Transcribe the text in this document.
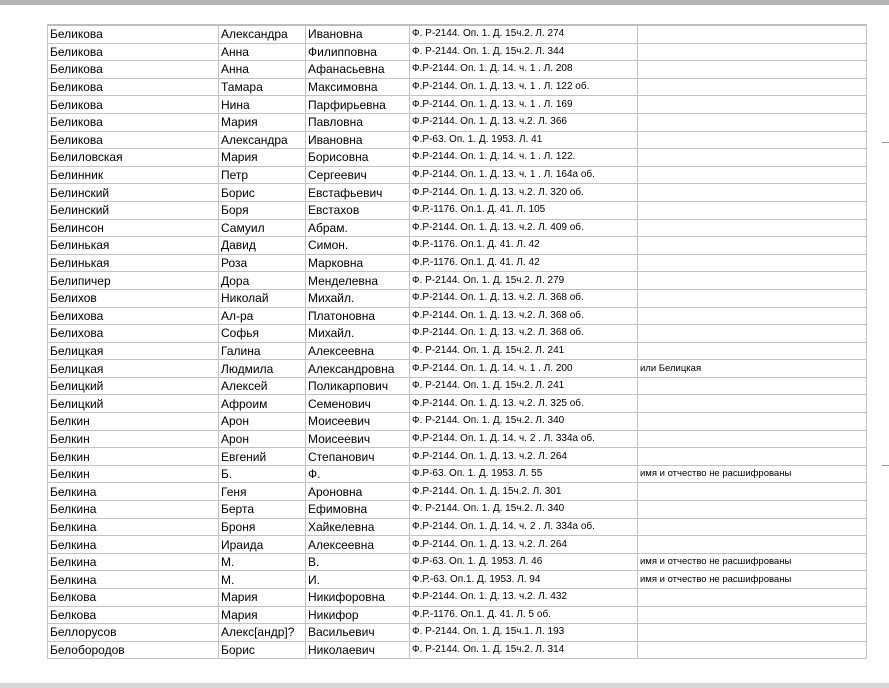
Беликова	Александра	Ивановна	Ф. Р-2144. Оп. 1. Д. 15ч.2. Л. 274	
Беликова	Анна	Филипповна	Ф. Р-2144. Оп. 1. Д. 15ч.2. Л. 344	
Беликова	Анна	Афанасьевна	Ф.Р-2144. Оп. 1. Д. 14. ч. 1 . Л. 208	
Беликова	Тамара	Максимовна	Ф.Р-2144. Оп. 1. Д. 13. ч. 1 . Л. 122 об.	
Беликова	Нина	Парфирьевна	Ф.Р-2144. Оп. 1. Д. 13. ч. 1 . Л. 169	
Беликова	Мария	Павловна	Ф.Р-2144. Оп. 1. Д. 13. ч.2. Л. 366	
Беликова	Александра	Ивановна	Ф.Р-63. Оп. 1. Д. 1953. Л. 41	
Белиловская	Мария	Борисовна	Ф.Р-2144. Оп. 1. Д. 14. ч. 1 . Л. 122.	
Белинник	Петр	Сергеевич	Ф.Р-2144. Оп. 1. Д. 13. ч. 1 . Л. 164а об.	
Белинский	Борис	Евстафьевич	Ф.Р-2144. Оп. 1. Д. 13. ч.2. Л. 320 об.	
Белинский	Боря	Евстахов	Ф.Р.-1176. Оп.1. Д. 41. Л. 105	
Белинсон	Самуил	Абрам.	Ф.Р-2144. Оп. 1. Д. 13. ч.2. Л. 409 об.	
Белинькая	Давид	Симон.	Ф.Р.-1176. Оп.1. Д. 41. Л. 42	
Белинькая	Роза	Марковна	Ф.Р.-1176. Оп.1. Д. 41. Л. 42	
Белипичер	Дора	Менделевна	Ф. Р-2144. Оп. 1. Д. 15ч.2. Л. 279	
Белихов	Николай	Михайл.	Ф.Р-2144. Оп. 1. Д. 13. ч.2. Л. 368 об.	
Белихова	Ал-ра	Платоновна	Ф.Р-2144. Оп. 1. Д. 13. ч.2. Л. 368 об.	
Белихова	Софья	Михайл.	Ф.Р-2144. Оп. 1. Д. 13. ч.2. Л. 368 об.	
Белицкая	Галина	Алексеевна	Ф. Р-2144. Оп. 1. Д. 15ч.2. Л. 241	
Белицкая	Людмила	Александровна	Ф.Р-2144. Оп. 1. Д. 14. ч. 1 . Л. 200	или Белицкая
Белицкий	Алексей	Поликарпович	Ф. Р-2144. Оп. 1. Д. 15ч.2. Л. 241	
Белицкий	Афроим	Семенович	Ф.Р-2144. Оп. 1. Д. 13. ч.2. Л. 325 об.	
Белкин	Арон	Моисеевич	Ф. Р-2144. Оп. 1. Д. 15ч.2. Л. 340	
Белкин	Арон	Моисеевич	Ф.Р-2144. Оп. 1. Д. 14. ч. 2 . Л. 334а об.	
Белкин	Евгений	Степанович	Ф.Р-2144. Оп. 1. Д. 13. ч.2. Л. 264	
Белкин	Б.	Ф.	Ф.Р-63. Оп. 1. Д. 1953. Л. 55	имя и отчество не расшифрованы
Белкина	Геня	Ароновна	Ф.Р-2144. Оп. 1. Д. 15ч.2. Л. 301	
Белкина	Берта	Ефимовна	Ф. Р-2144. Оп. 1. Д. 15ч.2. Л. 340	
Белкина	Броня	Хайкелевна	Ф.Р-2144. Оп. 1. Д. 14. ч. 2 . Л. 334а об.	
Белкина	Ираида	Алексеевна	Ф.Р-2144. Оп. 1. Д. 13. ч.2. Л. 264	
Белкина	М.	В.	Ф.Р-63. Оп. 1. Д. 1953. Л. 46	имя и отчество не расшифрованы
Белкина	М.	И.	Ф.Р.-63. Оп.1. Д. 1953. Л. 94	имя и отчество не расшифрованы
Белкова	Мария	Никифоровна	Ф.Р-2144. Оп. 1. Д. 13. ч.2. Л. 432	
Белкова	Мария	Никифор	Ф.Р.-1176. Оп.1. Д. 41. Л. 5 об.	
Беллорусов	Алекс[андр]?	Васильевич	Ф. Р-2144. Оп. 1. Д. 15ч.1. Л. 193	
Белобородов	Борис	Николаевич	Ф. Р-2144. Оп. 1. Д. 15ч.2. Л. 314	
